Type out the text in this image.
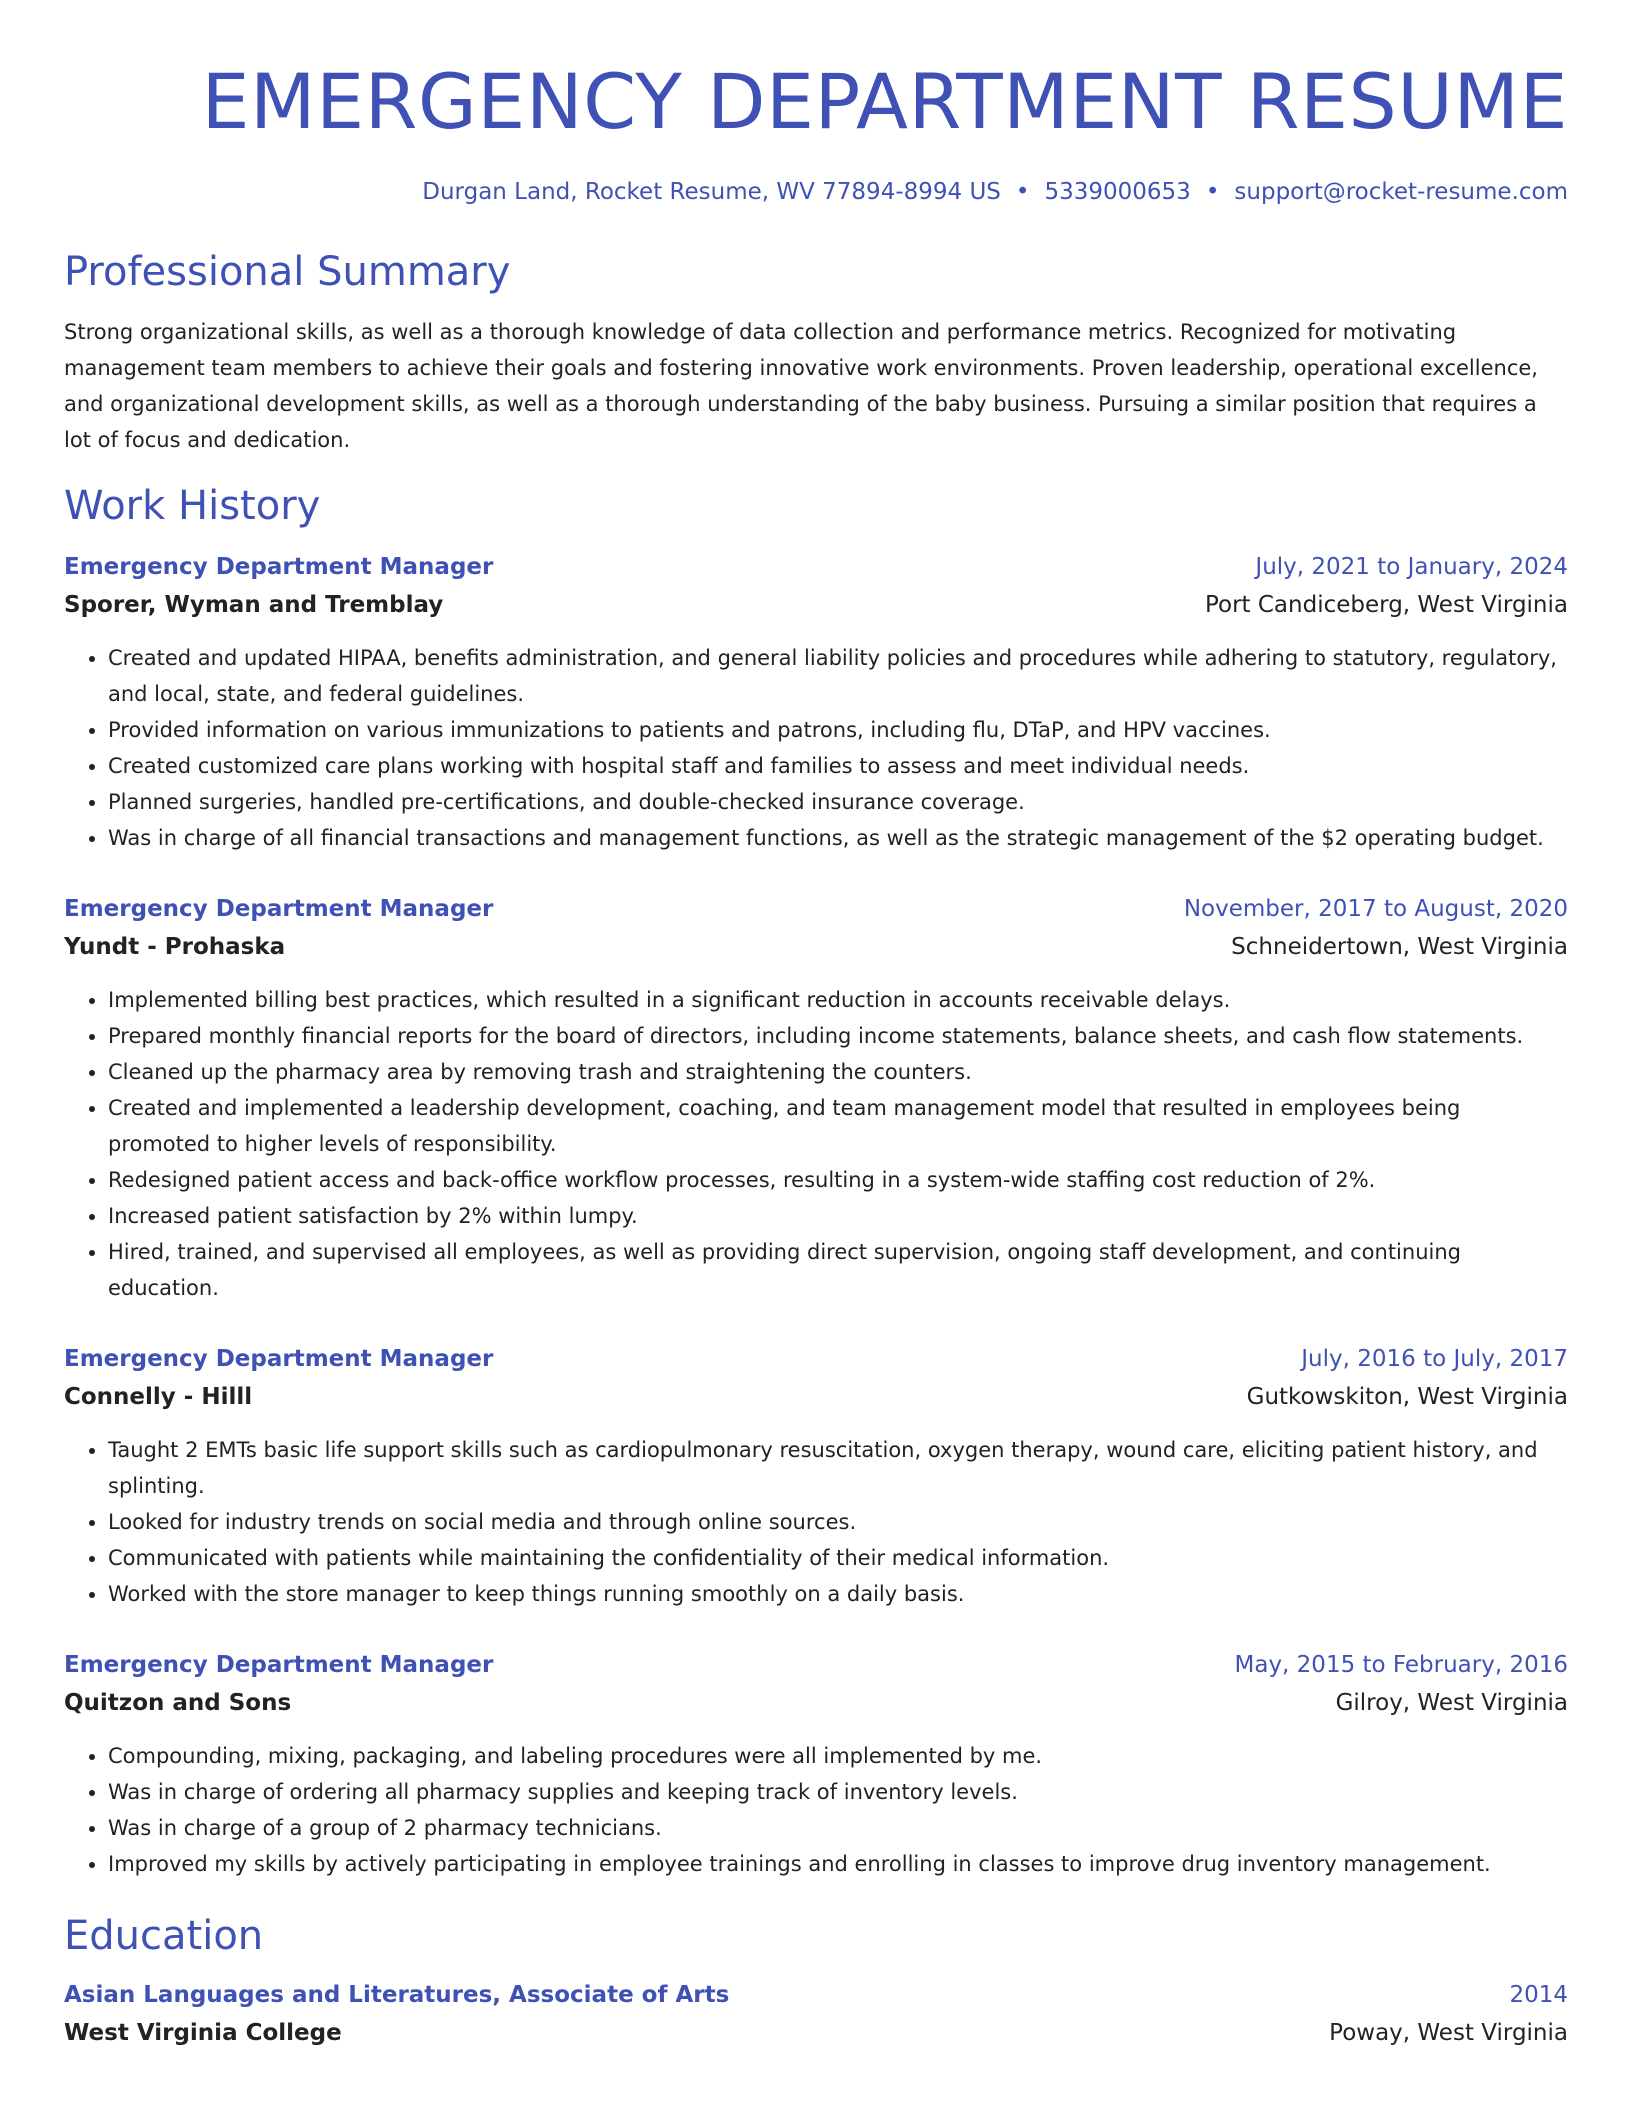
EMERGENCY DEPARTMENT RESUME
Durgan Land, Rocket Resume, WV 77894-8994 US • 5339000653 • support@rocket-resume.com
Professional Summary
Strong organizational skills, as well as a thorough knowledge of data collection and performance metrics. Recognized for motivating management team members to achieve their goals and fostering innovative work environments. Proven leadership, operational excellence, and organizational development skills, as well as a thorough understanding of the baby business. Pursuing a similar position that requires a lot of focus and dedication.
Work History
Emergency Department Manager	July, 2021 to January, 2024
Sporer, Wyman and Tremblay	Port Candiceberg, West Virginia
• Created and updated HIPAA, benefits administration, and general liability policies and procedures while adhering to statutory, regulatory, and local, state, and federal guidelines.
• Provided information on various immunizations to patients and patrons, including flu, DTaP, and HPV vaccines.
• Created customized care plans working with hospital staff and families to assess and meet individual needs.
• Planned surgeries, handled pre-certifications, and double-checked insurance coverage.
• Was in charge of all financial transactions and management functions, as well as the strategic management of the $2 operating budget.
Emergency Department Manager	November, 2017 to August, 2020
Yundt - Prohaska	Schneidertown, West Virginia
• Implemented billing best practices, which resulted in a significant reduction in accounts receivable delays.
• Prepared monthly financial reports for the board of directors, including income statements, balance sheets, and cash flow statements.
• Cleaned up the pharmacy area by removing trash and straightening the counters.
• Created and implemented a leadership development, coaching, and team management model that resulted in employees being promoted to higher levels of responsibility.
• Redesigned patient access and back-office workflow processes, resulting in a system-wide staffing cost reduction of 2%.
• Increased patient satisfaction by 2% within lumpy.
• Hired, trained, and supervised all employees, as well as providing direct supervision, ongoing staff development, and continuing education.
Emergency Department Manager	July, 2016 to July, 2017
Connelly - Hilll	Gutkowskiton, West Virginia
• Taught 2 EMTs basic life support skills such as cardiopulmonary resuscitation, oxygen therapy, wound care, eliciting patient history, and splinting.
• Looked for industry trends on social media and through online sources.
• Communicated with patients while maintaining the confidentiality of their medical information.
• Worked with the store manager to keep things running smoothly on a daily basis.
Emergency Department Manager	May, 2015 to February, 2016
Quitzon and Sons	Gilroy, West Virginia
• Compounding, mixing, packaging, and labeling procedures were all implemented by me.
• Was in charge of ordering all pharmacy supplies and keeping track of inventory levels.
• Was in charge of a group of 2 pharmacy technicians.
• Improved my skills by actively participating in employee trainings and enrolling in classes to improve drug inventory management.
Education
Asian Languages and Literatures, Associate of Arts	2014
West Virginia College	Poway, West Virginia
